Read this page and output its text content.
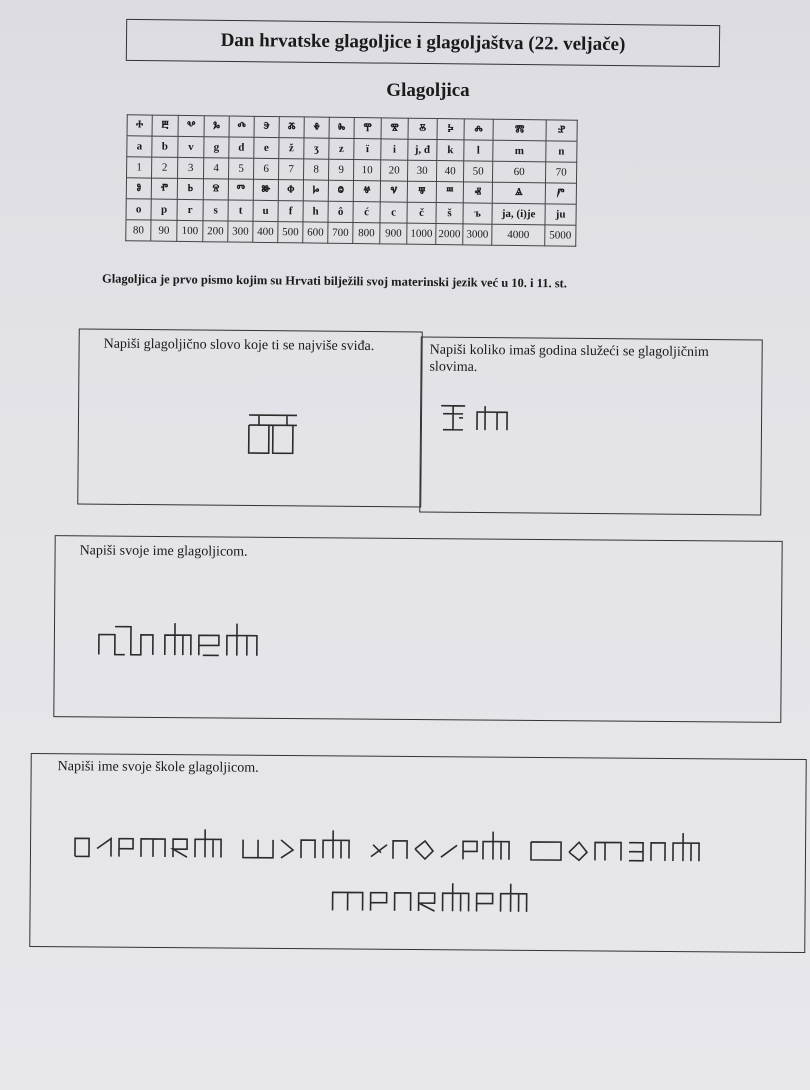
Dan hrvatske glagoljice i glagoljaštva (22. veljače)
Glagoljica
ⰰ	ⰱ	ⰲ	ⰳ	ⰴ	ⰵ	ⰶ	ⰷ	ⰸ	ⰹ	ⰺ	ⰻ	ⰽ	ⰾ	ⰿ	ⱀ
a	b	v	g	d	e	ž	ʒ	z	ï	i	j, đ	k	l	m	n
1	2	3	4	5	6	7	8	9	10	20	30	40	50	60	70
ⱁ	ⱂ	ⱃ	ⱄ	ⱅ	ⱆ	ⱇ	ⱈ	ⱉ	ⱍ	ⱌ	ⱋ	ⱎ	ⱏ	ⱑ	ⱓ
o	p	r	s	t	u	f	h	ô	ć	c	č	š	ъ	ja, (i)je	ju
80	90	100	200	300	400	500	600	700	800	900	1000	2000	3000	4000	5000
Glagoljica je prvo pismo kojim su Hrvati bilježili svoj materinski jezik već u 10. i 11. st.
Napiši glagoljično slovo koje ti se najviše sviđa.	Napiši koliko imaš godina služeći se glagoljičnim slovima.
Napiši svoje ime glagoljicom.
Napiši ime svoje škole glagoljicom.
